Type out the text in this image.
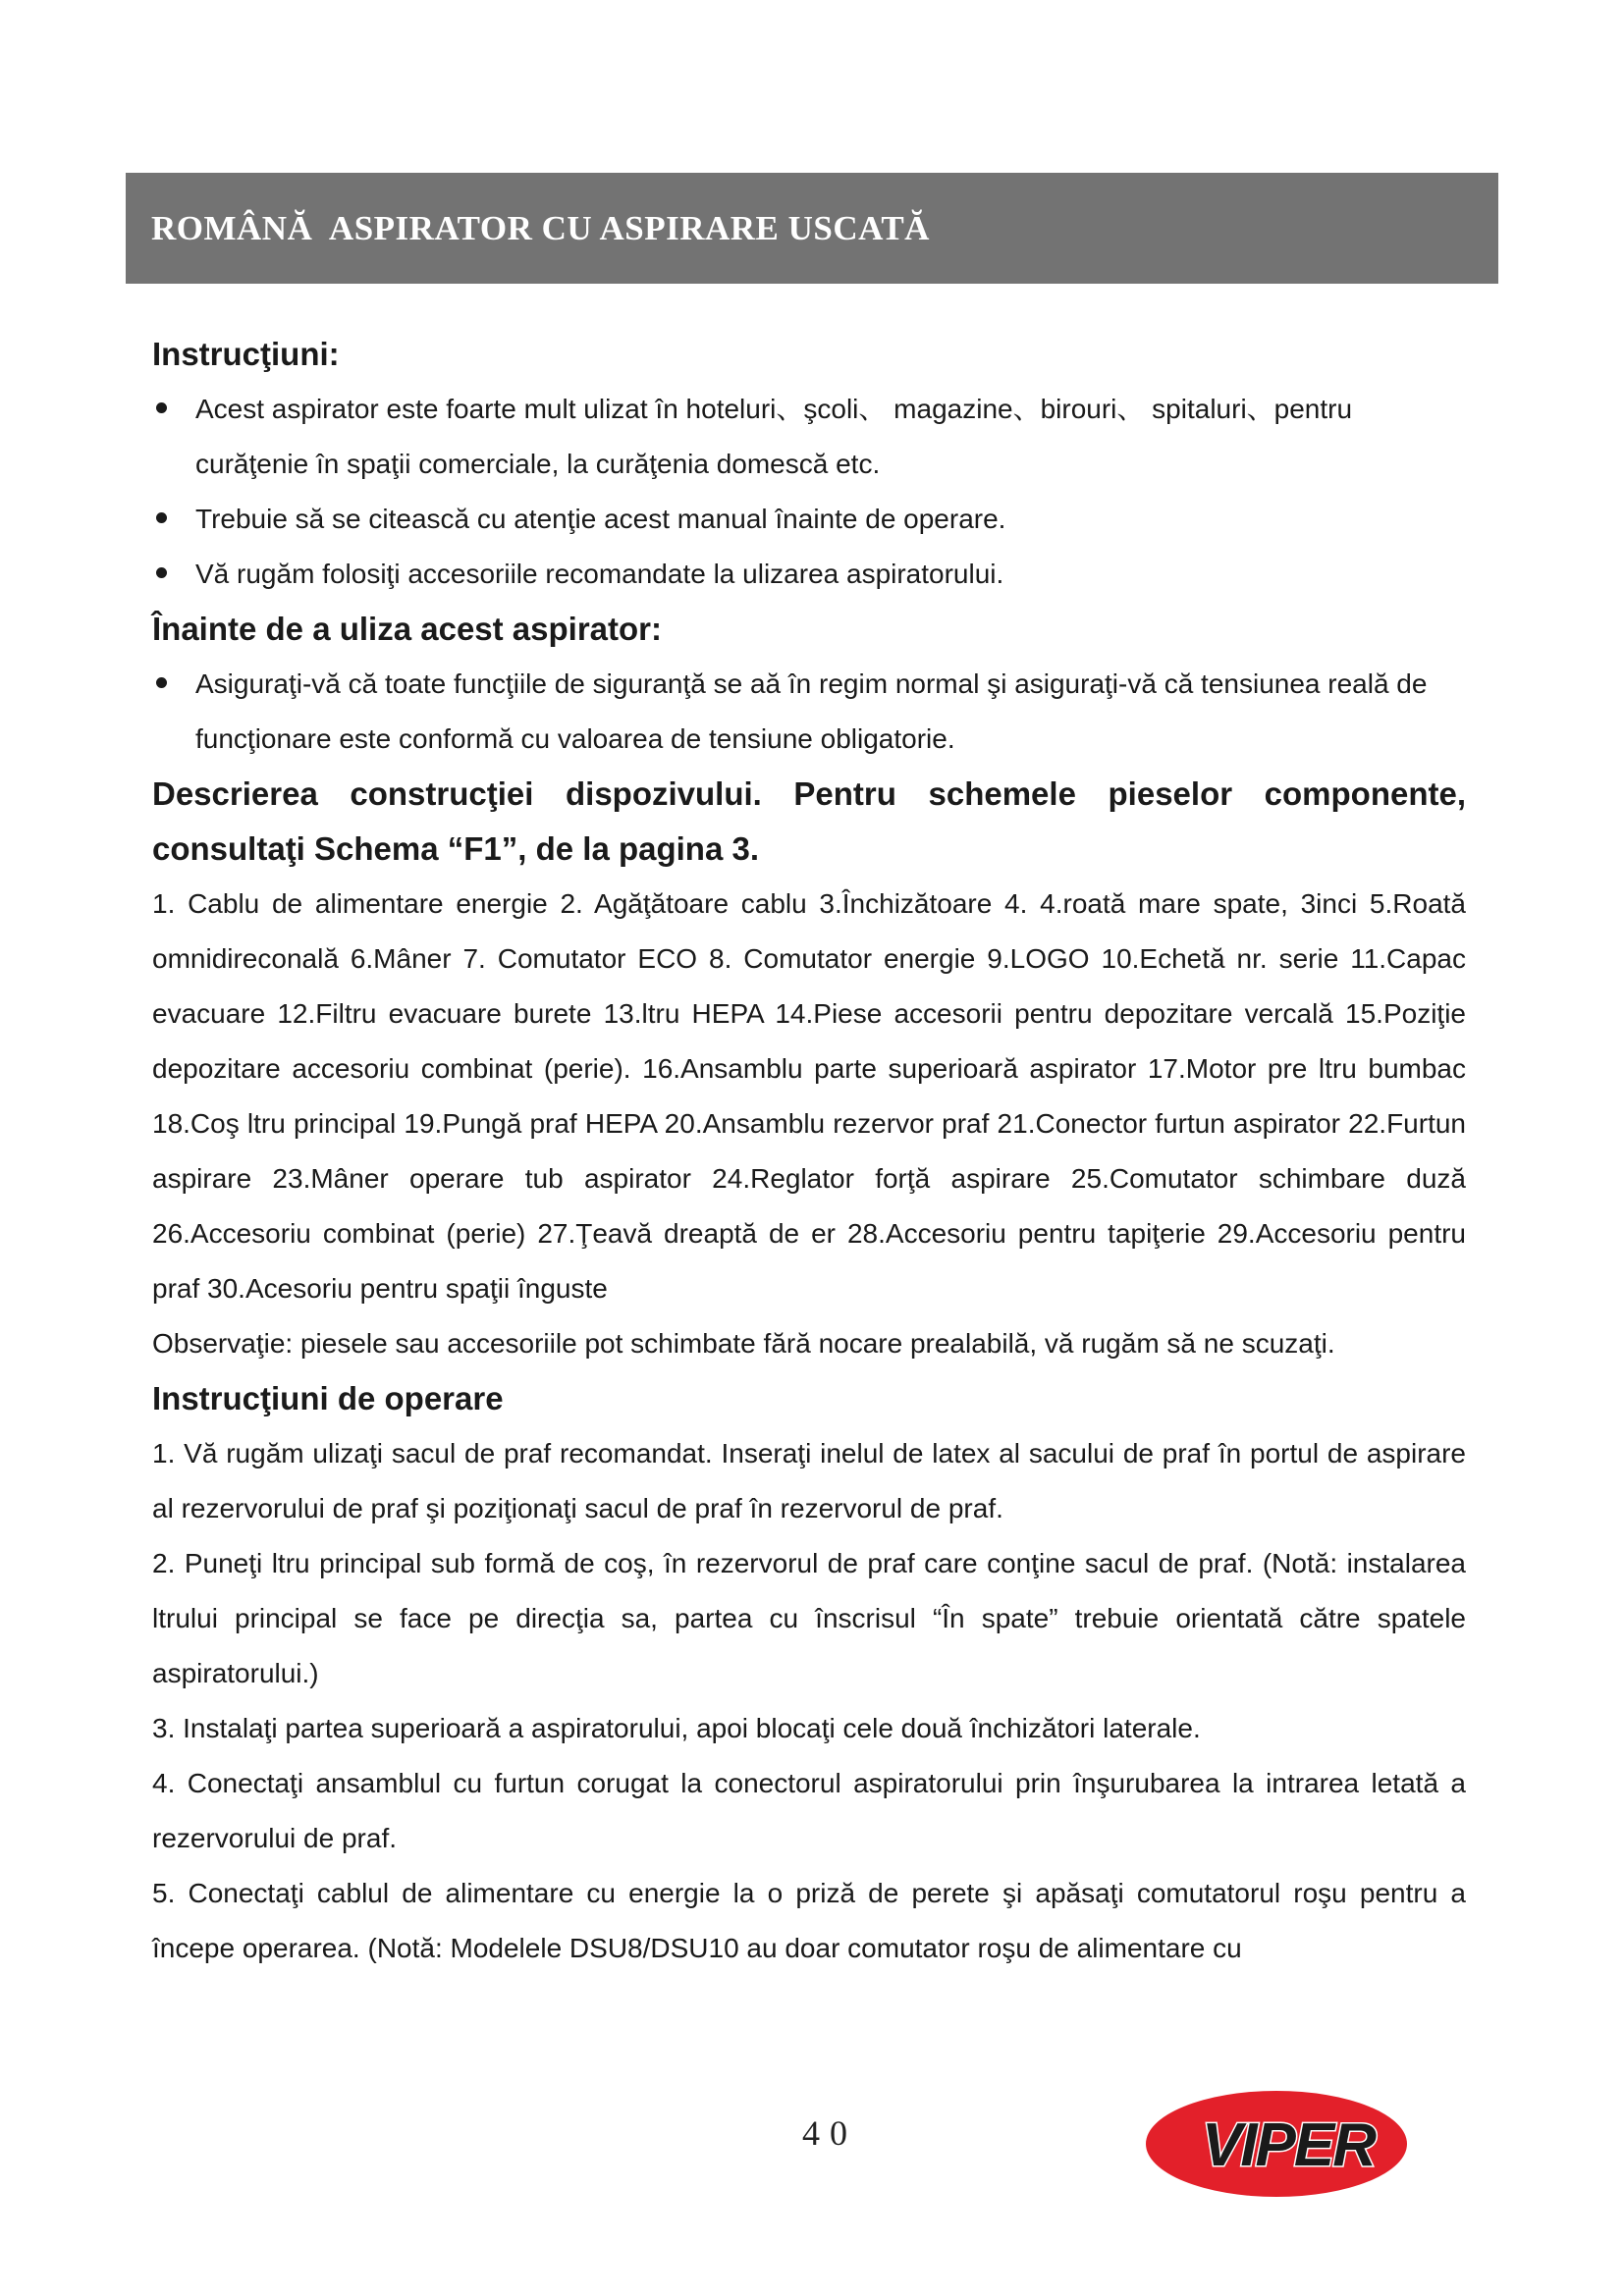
ROMÂNĂ  ASPIRATOR CU ASPIRARE USCATĂ
Instrucţiuni:
Acest aspirator este foarte mult ulizat în hoteluri、şcoli、 magazine、birouri、 spitaluri、pentru curăţenie în spaţii comerciale, la curăţenia domescă etc.
Trebuie să se citească cu atenţie acest manual înainte de operare.
Vă rugăm folosiţi accesoriile recomandate la ulizarea aspiratorului.
Înainte de a uliza acest aspirator:
Asiguraţi-vă că toate funcţiile de siguranţă se aă în regim normal şi asiguraţi-vă că tensiunea reală de funcţionare este conformă cu valoarea de tensiune obligatorie.
Descrierea construcţiei dispozivului. Pentru schemele pieselor componente, consultaţi Schema “F1”, de la pagina 3.

1. Cablu de alimentare energie 2. Agăţătoare cablu 3.Închizătoare 4. 4.roată mare spate, 3inci 5.Roată omnidireconală 6.Mâner 7. Comutator ECO 8. Comutator energie 9.LOGO 10.Echetă nr. serie 11.Capac evacuare 12.Filtru evacuare burete 13.ltru HEPA 14.Piese accesorii pentru depozitare vercală 15.Poziţie depozitare accesoriu combinat (perie). 16.Ansamblu parte superioară aspirator 17.Motor pre ltru bumbac 18.Coş ltru principal 19.Pungă praf HEPA 20.Ansamblu rezervor praf 21.Conector furtun aspirator 22.Furtun aspirare 23.Mâner operare tub aspirator 24.Reglator forţă aspirare 25.Comutator schimbare duză 26.Accesoriu combinat (perie) 27.Ţeavă dreaptă de er 28.Accesoriu pentru tapiţerie 29.Accesoriu pentru praf 30.Acesoriu pentru spaţii înguste

Observaţie: piesele sau accesoriile pot schimbate fără nocare prealabilă, vă rugăm să ne scuzaţi.

Instrucţiuni de operare

1. Vă rugăm ulizaţi sacul de praf recomandat. Inseraţi inelul de latex al sacului de praf în portul de aspirare al rezervorului de praf şi poziţionaţi sacul de praf în rezervorul de praf.

2. Puneţi ltru principal sub formă de coş, în rezervorul de praf care conţine sacul de praf. (Notă: instalarea ltrului principal se face pe direcţia sa, partea cu înscrisul “În spate” trebuie orientată către spatele aspiratorului.)

3. Instalaţi partea superioară a aspiratorului, apoi blocaţi cele două închizători laterale.

4. Conectaţi ansamblul cu furtun corugat la conectorul aspiratorului prin înşurubarea la intrarea letată a rezervorului de praf.

5. Conectaţi cablul de alimentare cu energie la o priză de perete şi apăsaţi comutatorul roşu pentru a începe operarea. (Notă: Modelele DSU8/DSU10 au doar comutator roşu de alimentare cu

40	VIPER
